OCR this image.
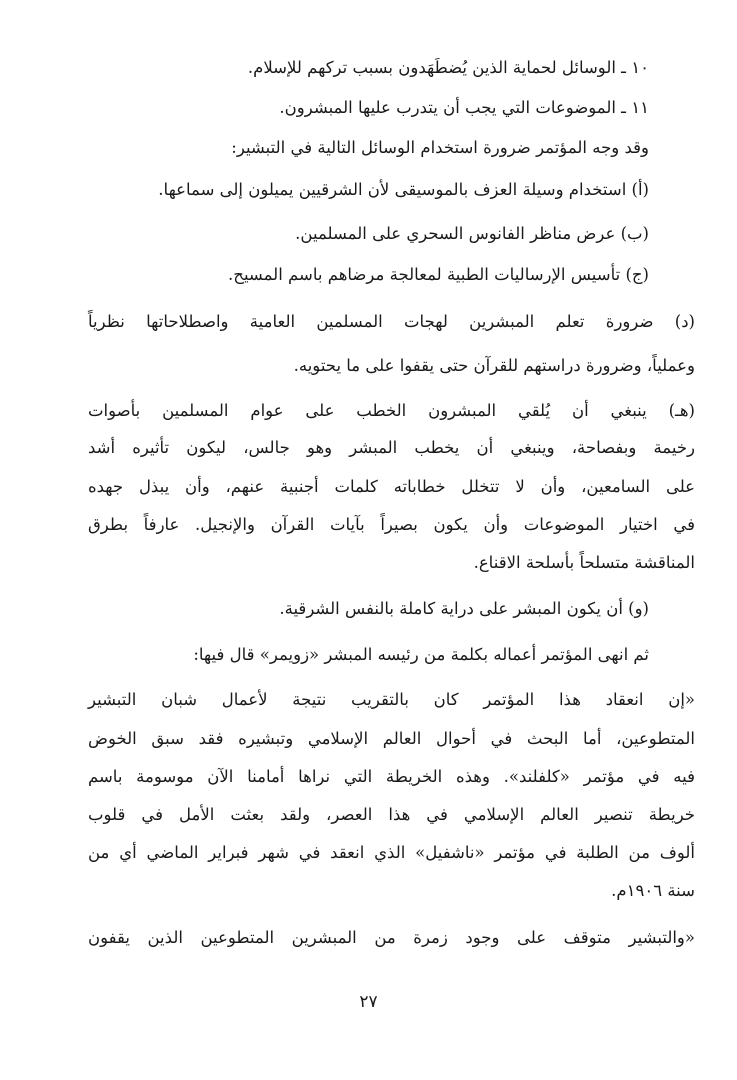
١٠ ـ الوسائل لحماية الذين يُضطَهَدون بسبب تركهم للإسلام.
١١ ـ الموضوعات التي يجب أن يتدرب عليها المبشرون.
وقد وجه المؤتمر ضرورة استخدام الوسائل التالية في التبشير:
(أ) استخدام وسيلة العزف بالموسيقى لأن الشرقيين يميلون إلى سماعها.
(ب) عرض مناظر الفانوس السحري على المسلمين.
(ج) تأسيس الإرساليات الطبية لمعالجة مرضاهم باسم المسيح.
(د) ضرورة تعلم المبشرين لهجات المسلمين العامية واصطلاحاتها نظرياً
وعملياً، وضرورة دراستهم للقرآن حتى يقفوا على ما يحتويه.
(هـ) ينبغي أن يُلقي المبشرون الخطب على عوام المسلمين بأصوات
رخيمة وبفصاحة، وينبغي أن يخطب المبشر وهو جالس، ليكون تأثيره أشد
على السامعين، وأن لا تتخلل خطاباته كلمات أجنبية عنهم، وأن يبذل جهده
في اختيار الموضوعات وأن يكون بصيراً بآيات القرآن والإنجيل. عارفاً بطرق
المناقشة متسلحاً بأسلحة الاقناع.
(و) أن يكون المبشر على دراية كاملة بالنفس الشرقية.
ثم انهى المؤتمر أعماله بكلمة من رئيسه المبشر «زويمر» قال فيها:
«إن انعقاد هذا المؤتمر كان بالتقريب نتيجة لأعمال شبان التبشير
المتطوعين، أما البحث في أحوال العالم الإسلامي وتبشيره فقد سبق الخوض
فيه في مؤتمر «كلفلند». وهذه الخريطة التي نراها أمامنا الآن موسومة باسم
خريطة تنصير العالم الإسلامي في هذا العصر، ولقد بعثت الأمل في قلوب
ألوف من الطلبة في مؤتمر «ناشفيل» الذي انعقد في شهر فبراير الماضي أي من
سنة ١٩٠٦م.
«والتبشير متوقف على وجود زمرة من المبشرين المتطوعين الذين يقفون
٢٧
